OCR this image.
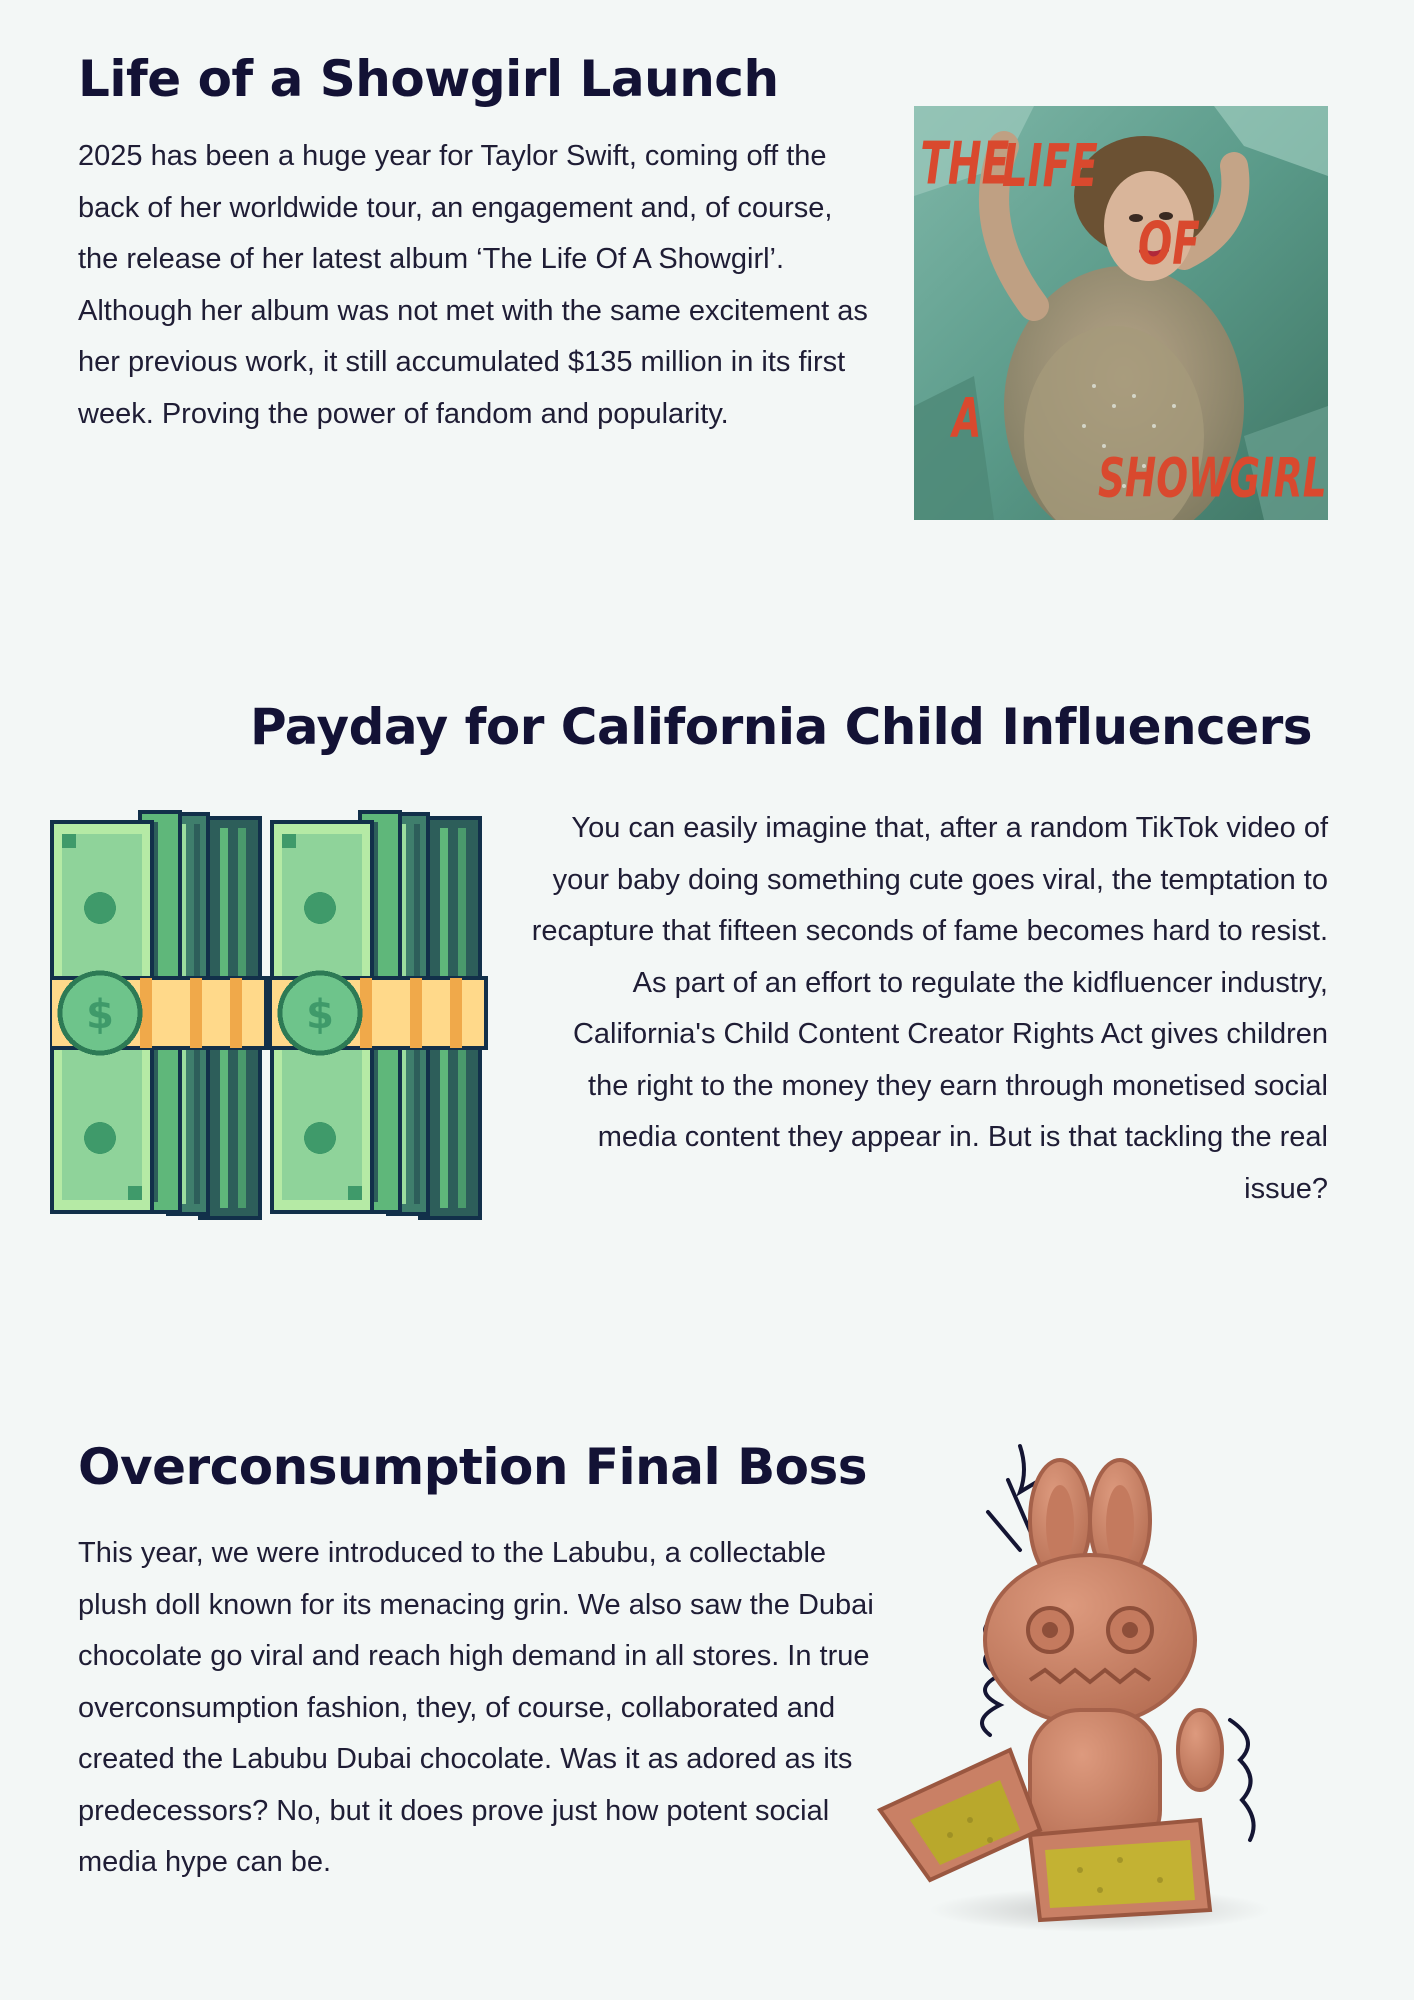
Life of a Showgirl Launch

2025 has been a huge year for Taylor Swift, coming off the back of her worldwide tour, an engagement and, of course, the release of her latest album ‘The Life Of A Showgirl’. Although her album was not met with the same excitement as her previous work, it still accumulated $135 million in its first week. Proving the power of fandom and popularity.

THE
LIFE
OF
A
SHOWGIRL
Payday for California Child Influencers

You can easily imagine that, after a random TikTok video of your baby doing something cute goes viral, the temptation to recapture that fifteen seconds of fame becomes hard to resist. As part of an effort to regulate the kidfluencer industry, California's Child Content Creator Rights Act gives children the right to the money they earn through monetised social media content they appear in. But is that tackling the real issue?

$
Overconsumption Final Boss

This year, we were introduced to the Labubu, a collectable plush doll known for its menacing grin. We also saw the Dubai chocolate go viral and reach high demand in all stores. In true overconsumption fashion, they, of course, collaborated and created the Labubu Dubai chocolate. Was it as adored as its predecessors? No, but it does prove just how potent social media hype can be.
